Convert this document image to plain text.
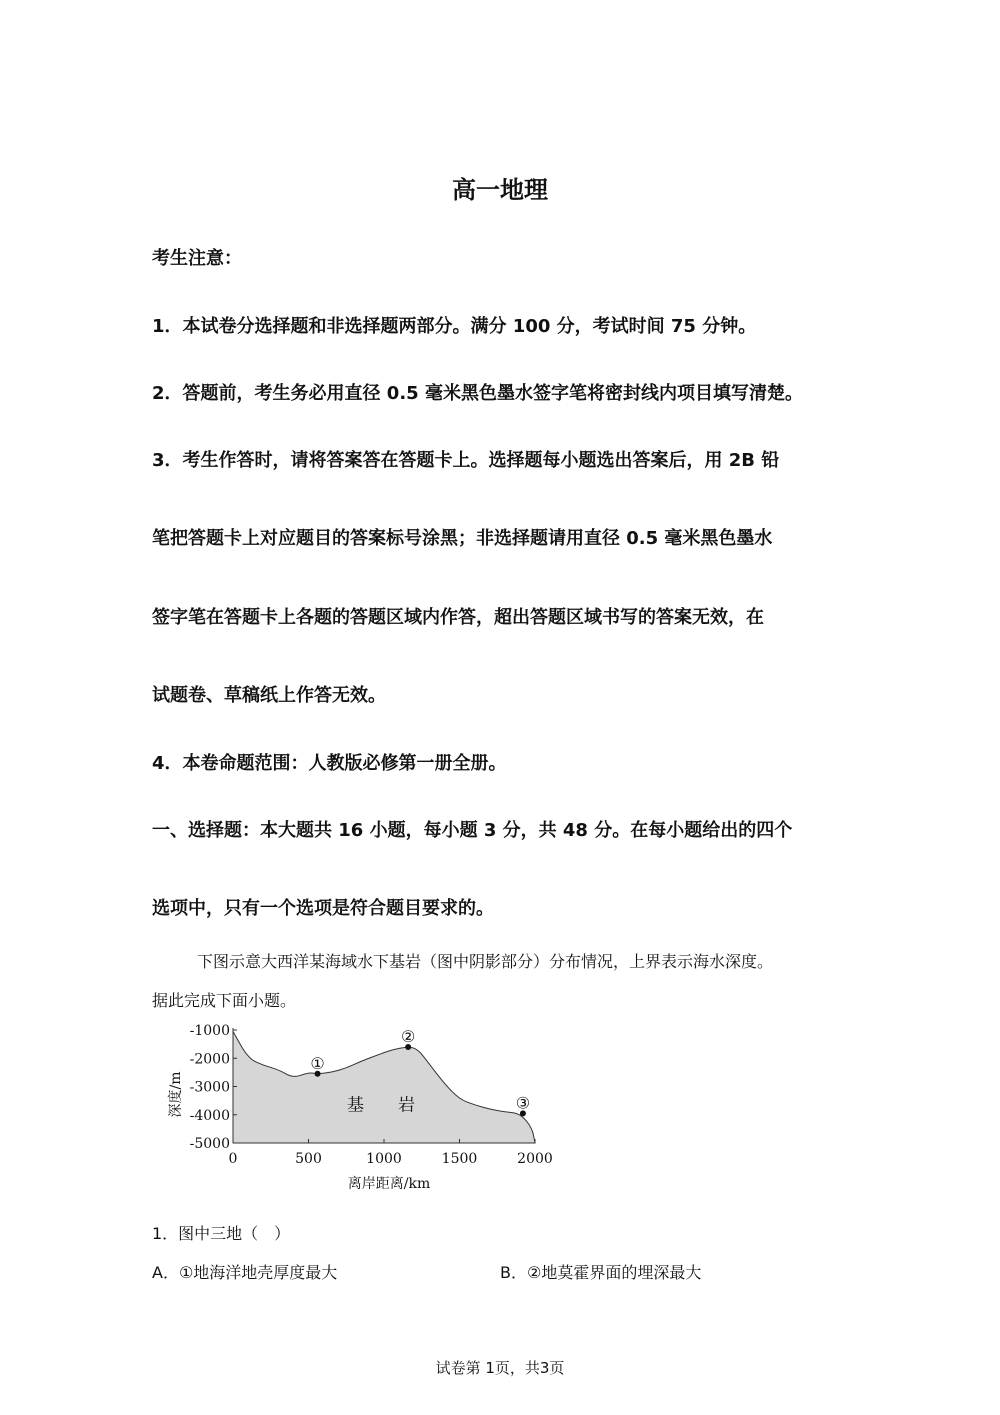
高一地理
考生注意：
1．本试卷分选择题和非选择题两部分。满分 100 分，考试时间 75 分钟。
2．答题前，考生务必用直径 0.5 毫米黑色墨水签字笔将密封线内项目填写清楚。
3．考生作答时，请将答案答在答题卡上。选择题每小题选出答案后，用 2B 铅
笔把答题卡上对应题目的答案标号涂黑；非选择题请用直径 0.5 毫米黑色墨水
签字笔在答题卡上各题的答题区域内作答，超出答题区域书写的答案无效，在
试题卷、草稿纸上作答无效。
4．本卷命题范围：人教版必修第一册全册。
一、选择题：本大题共 16 小题，每小题 3 分，共 48 分。在每小题给出的四个
选项中，只有一个选项是符合题目要求的。
下图示意大西洋某海域水下基岩（图中阴影部分）分布情况，上界表示海水深度。
据此完成下面小题。
-1000
-2000
-3000
-4000
-5000
0	500	1000	1500	2000
离岸距离/km
深度/m	基　　岩
①
②
③
1．图中三地（　）
A．①地海洋地壳厚度最大	B．②地莫霍界面的埋深最大
试卷第 1页，共3页
